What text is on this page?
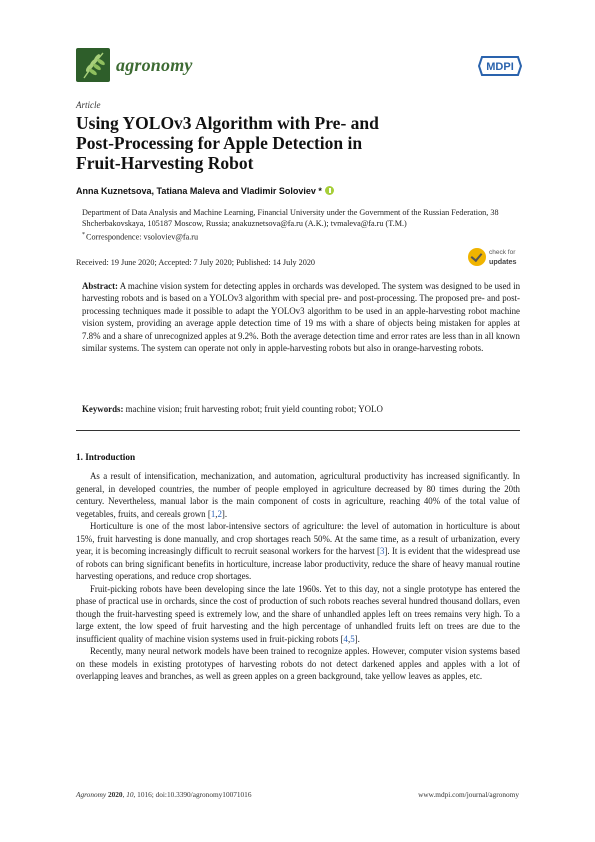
agronomy	MDPI
Article
Using YOLOv3 Algorithm with Pre- and
Post-Processing for Apple Detection in
Fruit-Harvesting Robot
Anna Kuznetsova, Tatiana Maleva and Vladimir Soloviev *
Department of Data Analysis and Machine Learning, Financial University under the Government of the Russian Federation, 38 Shcherbakovskaya, 105187 Moscow, Russia; anakuznetsova@fa.ru (A.K.); tvmaleva@fa.ru (T.M.)
*Correspondence: vsoloviev@fa.ru
Received: 19 June 2020; Accepted: 7 July 2020; Published: 14 July 2020
check for
updates
Abstract: A machine vision system for detecting apples in orchards was developed. The system was designed to be used in harvesting robots and is based on a YOLOv3 algorithm with special pre- and post-processing. The proposed pre- and post-processing techniques made it possible to adapt the YOLOv3 algorithm to be used in an apple-harvesting robot machine vision system, providing an average apple detection time of 19 ms with a share of objects being mistaken for apples at 7.8% and a share of unrecognized apples at 9.2%. Both the average detection time and error rates are less than in all known similar systems. The system can operate not only in apple-harvesting robots but also in orange-harvesting robots.
Keywords: machine vision; fruit harvesting robot; fruit yield counting robot; YOLO
1. Introduction

As a result of intensification, mechanization, and automation, agricultural productivity has increased significantly. In general, in developed countries, the number of people employed in agriculture decreased by 80 times during the 20th century. Nevertheless, manual labor is the main component of costs in agriculture, reaching 40% of the total value of vegetables, fruits, and cereals grown [1,2].

Horticulture is one of the most labor-intensive sectors of agriculture: the level of automation in horticulture is about 15%, fruit harvesting is done manually, and crop shortages reach 50%. At the same time, as a result of urbanization, every year, it is becoming increasingly difficult to recruit seasonal workers for the harvest [3]. It is evident that the widespread use of robots can bring significant benefits in horticulture, increase labor productivity, reduce the share of heavy manual routine harvesting operations, and reduce crop shortages.

Fruit-picking robots have been developing since the late 1960s. Yet to this day, not a single prototype has entered the phase of practical use in orchards, since the cost of production of such robots reaches several hundred thousand dollars, even though the fruit-harvesting speed is extremely low, and the share of unhandled apples left on trees remains very high. To a large extent, the low speed of fruit harvesting and the high percentage of unhandled fruits left on trees are due to the insufficient quality of machine vision systems used in fruit-picking robots [4,5].

Recently, many neural network models have been trained to recognize apples. However, computer vision systems based on these models in existing prototypes of harvesting robots do not detect darkened apples and apples with a lot of overlapping leaves and branches, as well as green apples on a green background, take yellow leaves as apples, etc.

Agronomy 2020, 10, 1016; doi:10.3390/agronomy10071016	www.mdpi.com/journal/agronomy
